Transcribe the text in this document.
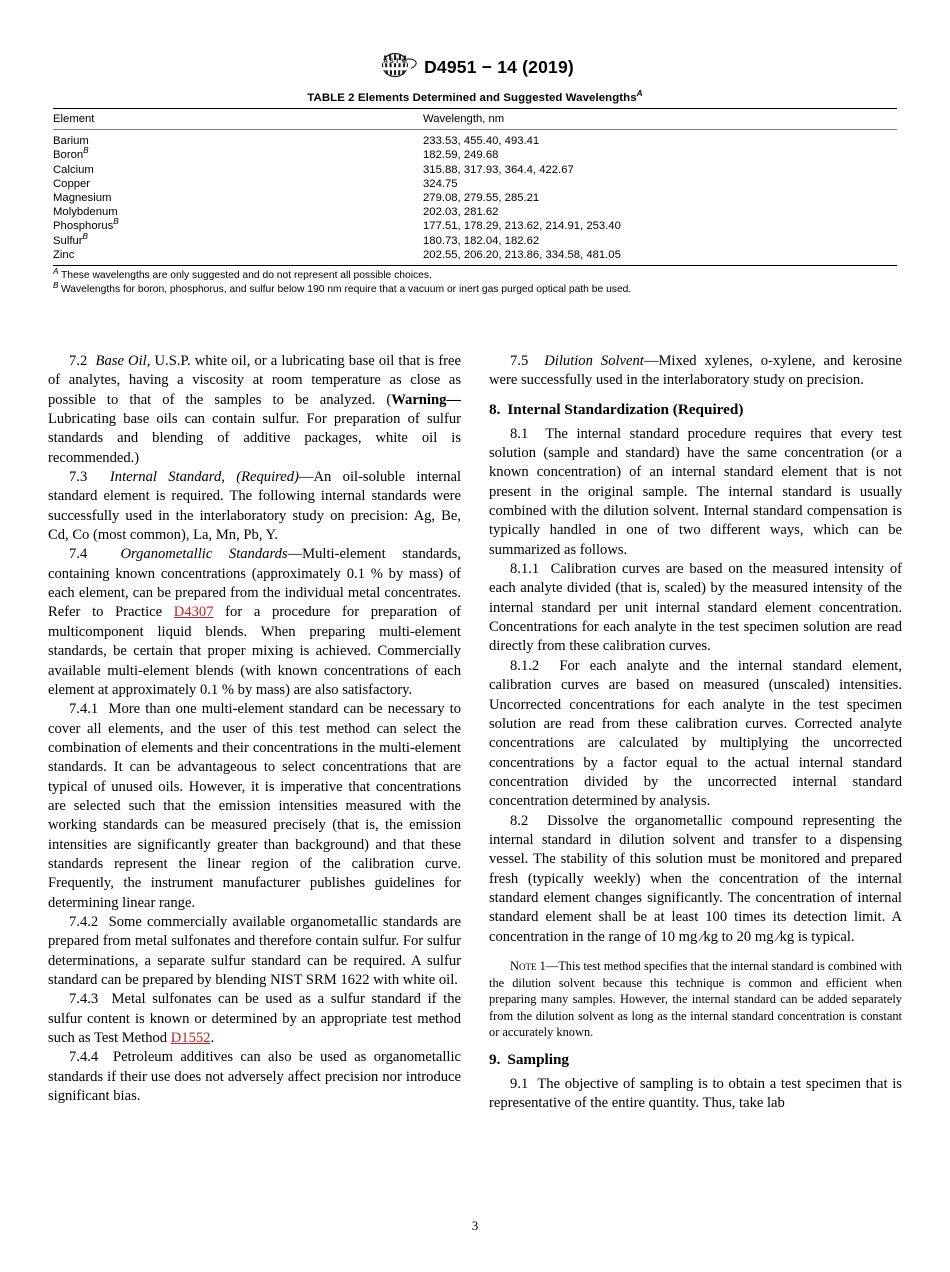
A S T M D4951 − 14 (2019)
TABLE 2 Elements Determined and Suggested Wavelengths$^A$
Element	Wavelength, nm
Barium	233.53, 455.40, 493.41
Boron$^B$	182.59, 249.68
Calcium	315.88, 317.93, 364.4, 422.67
Copper	324.75
Magnesium	279.08, 279.55, 285.21
Molybdenum	202.03, 281.62
Phosphorus$^B$	177.51, 178.29, 213.62, 214.91, 253.40
Sulfur$^B$	180.73, 182.04, 182.62
Zinc	202.55, 206.20, 213.86, 334.58, 481.05
$^A$ These wavelengths are only suggested and do not represent all possible choices.
$^B$ Wavelengths for boron, phosphorus, and sulfur below 190 nm require that a vacuum or inert gas purged optical path be used.

7.2 Base Oil, U.S.P. white oil, or a lubricating base oil that is free of analytes, having a viscosity at room temperature as close as possible to that of the samples to be analyzed. (Warning—Lubricating base oils can contain sulfur. For preparation of sulfur standards and blending of additive packages, white oil is recommended.)

7.3 Internal Standard, (Required)—An oil-soluble internal standard element is required. The following internal standards were successfully used in the interlaboratory study on precision: Ag, Be, Cd, Co (most common), La, Mn, Pb, Y.

7.4 Organometallic Standards—Multi-element standards, containing known concentrations (approximately 0.1 % by mass) of each element, can be prepared from the individual metal concentrates. Refer to Practice D4307 for a procedure for preparation of multicomponent liquid blends. When preparing multi-element standards, be certain that proper mixing is achieved. Commercially available multi-element blends (with known concentrations of each element at approximately 0.1 % by mass) are also satisfactory.

7.4.1 More than one multi-element standard can be necessary to cover all elements, and the user of this test method can select the combination of elements and their concentrations in the multi-element standards. It can be advantageous to select concentrations that are typical of unused oils. However, it is imperative that concentrations are selected such that the emission intensities measured with the working standards can be measured precisely (that is, the emission intensities are significantly greater than background) and that these standards represent the linear region of the calibration curve. Frequently, the instrument manufacturer publishes guidelines for determining linear range.

7.4.2 Some commercially available organometallic standards are prepared from metal sulfonates and therefore contain sulfur. For sulfur determinations, a separate sulfur standard can be required. A sulfur standard can be prepared by blending NIST SRM 1622 with white oil.

7.4.3 Metal sulfonates can be used as a sulfur standard if the sulfur content is known or determined by an appropriate test method such as Test Method D1552.

7.4.4 Petroleum additives can also be used as organometallic standards if their use does not adversely affect precision nor introduce significant bias.

7.5 Dilution Solvent—Mixed xylenes, o-xylene, and kerosine were successfully used in the interlaboratory study on precision.

8. Internal Standardization (Required)

8.1 The internal standard procedure requires that every test solution (sample and standard) have the same concentration (or a known concentration) of an internal standard element that is not present in the original sample. The internal standard is usually combined with the dilution solvent. Internal standard compensation is typically handled in one of two different ways, which can be summarized as follows.

8.1.1 Calibration curves are based on the measured intensity of each analyte divided (that is, scaled) by the measured intensity of the internal standard per unit internal standard element concentration. Concentrations for each analyte in the test specimen solution are read directly from these calibration curves.

8.1.2 For each analyte and the internal standard element, calibration curves are based on measured (unscaled) intensities. Uncorrected concentrations for each analyte in the test specimen solution are read from these calibration curves. Corrected analyte concentrations are calculated by multiplying the uncorrected concentrations by a factor equal to the actual internal standard concentration divided by the uncorrected internal standard concentration determined by analysis.

8.2 Dissolve the organometallic compound representing the internal standard in dilution solvent and transfer to a dispensing vessel. The stability of this solution must be monitored and prepared fresh (typically weekly) when the concentration of the internal standard element changes significantly. The concentration of internal standard element shall be at least 100 times its detection limit. A concentration in the range of 10 mg ⁄kg to 20 mg ⁄kg is typical.

Note 1—This test method specifies that the internal standard is combined with the dilution solvent because this technique is common and efficient when preparing many samples. However, the internal standard can be added separately from the dilution solvent as long as the internal standard concentration is constant or accurately known.

9. Sampling

9.1 The objective of sampling is to obtain a test specimen that is representative of the entire quantity. Thus, take lab

3
